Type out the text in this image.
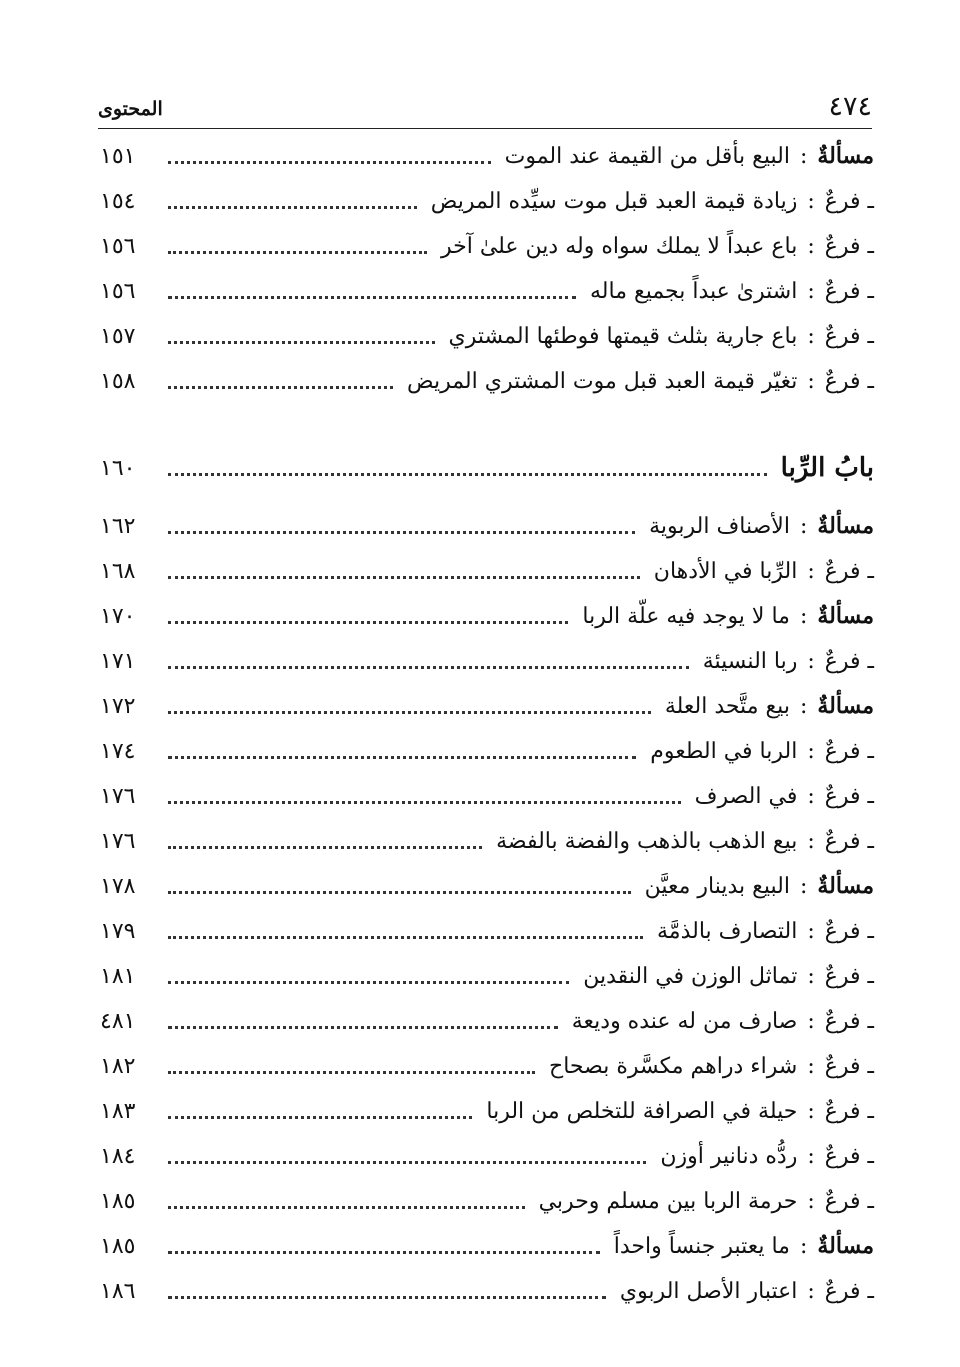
٤٧٤
المحتوى
مسألةٌ
:
البيع بأقل من القيمة عند الموت
١٥١
ـ فرعٌ
:
زيادة قيمة العبد قبل موت سيِّده المريض
١٥٤
ـ فرعٌ
:
باع عبداً لا يملك سواه وله دين علىٰ آخر
١٥٦
ـ فرعٌ
:
اشترىٰ عبداً بجميع ماله
١٥٦
ـ فرعٌ
:
باع جارية بثلث قيمتها فوطئها المشتري
١٥٧
ـ فرعٌ
:
تغيّر قيمة العبد قبل موت المشتري المريض
١٥٨
بابُ الرِّبا
١٦٠
مسألةٌ
:
الأصناف الربوية
١٦٢
ـ فرعٌ
:
الرِّبا في الأدهان
١٦٨
مسألةٌ
:
ما لا يوجد فيه علّة الربا
١٧٠
ـ فرعٌ
:
ربا النسيئة
١٧١
مسألةٌ
:
بيع متَّحد العلة
١٧٢
ـ فرعٌ
:
الربا في الطعوم
١٧٤
ـ فرعٌ
:
في الصرف
١٧٦
ـ فرعٌ
:
بيع الذهب بالذهب والفضة بالفضة
١٧٦
مسألةٌ
:
البيع بدينار معيَّن
١٧٨
ـ فرعٌ
:
التصارف بالذمَّة
١٧٩
ـ فرعٌ
:
تماثل الوزن في النقدين
١٨١
ـ فرعٌ
:
صارف من له عنده وديعة
٤٨١
ـ فرعٌ
:
شراء دراهم مكسَّرة بصحاح
١٨٢
ـ فرعٌ
:
حيلة في الصرافة للتخلص من الربا
١٨٣
ـ فرعٌ
:
ردُّه دنانير أوزن
١٨٤
ـ فرعٌ
:
حرمة الربا بين مسلم وحربي
١٨٥
مسألةٌ
:
ما يعتبر جنساً واحداً
١٨٥
ـ فرعٌ
:
اعتبار الأصل الربوي
١٨٦
